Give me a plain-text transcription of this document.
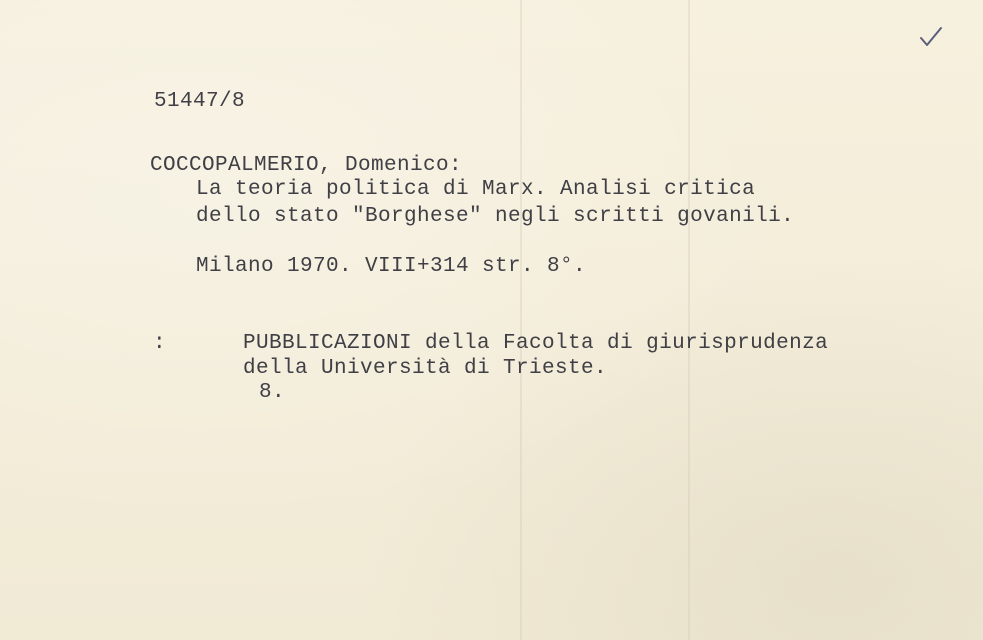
51447/8

COCCOPALMERIO, Domenico:

La teoria politica di Marx. Analisi critica

dello stato "Borghese" negli scritti govanili.

Milano 1970. VIII+314 str. 8°.

:	PUBBLICAZIONI della Facolta di giurisprudenza

della Università di Trieste.

8.
